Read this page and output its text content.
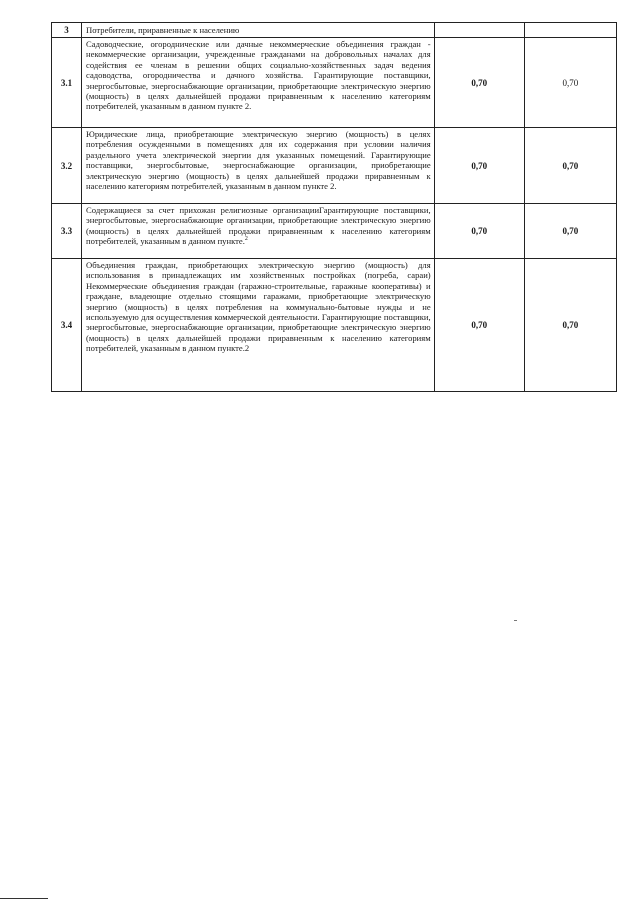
3	Потребители, приравненные к населению		
3.1	Садоводческие, огороднические или дачные некоммерческие объединения граждан - некоммерческие организации, учрежденные гражданами на добровольных началах для содействия ее членам в решении общих социально-хозяйственных задач ведения садоводства, огородничества и дачного хозяйства. Гарантирующие поставщики, энергосбытовые, энергоснабжающие организации, приобретающие электрическую энергию (мощность) в целях дальнейшей продажи приравненным к населению категориям потребителей, указанным в данном пункте 2.	0,70	0,70
3.2	Юридические лица, приобретающие электрическую энергию (мощность) в целях потребления осужденными в помещениях для их содержания при условии наличия раздельного учета электрической энергии для указанных помещений. Гарантирующие поставщики, энергосбытовые, энергоснабжающие организации, приобретающие электрическую энергию (мощность) в целях дальнейшей продажи приравненным к населению категориям потребителей, указанным в данном пункте 2.	0,70	0,70
3.3	Содержащиеся за счет прихожан религиозные организацииГарантирующие поставщики, энергосбытовые, энергоснабжающие организации, приобретающие электрическую энергию (мощность) в целях дальнейшей продажи приравненным к населению категориям потребителей, указанным в данном пункте.$^2$	0,70	0,70
3.4	Объединения граждан, приобретающих электрическую энергию (мощность) для использования в принадлежащих им хозяйственных постройках (погреба, сараи) Некоммерческие объединения граждан (гаражно-строительные, гаражные кооперативы) и граждане, владеющие отдельно стоящими гаражами, приобретающие электрическую энергию (мощность) в целях потребления на коммунально-бытовые нужды и не используемую для осуществления коммерческой деятельности. Гарантирующие поставщики, энергосбытовые, энергоснабжающие организации, приобретающие электрическую энергию (мощность) в целях дальнейшей продажи приравненным к населению категориям потребителей, указанным в данном пункте.2	0,70	0,70
